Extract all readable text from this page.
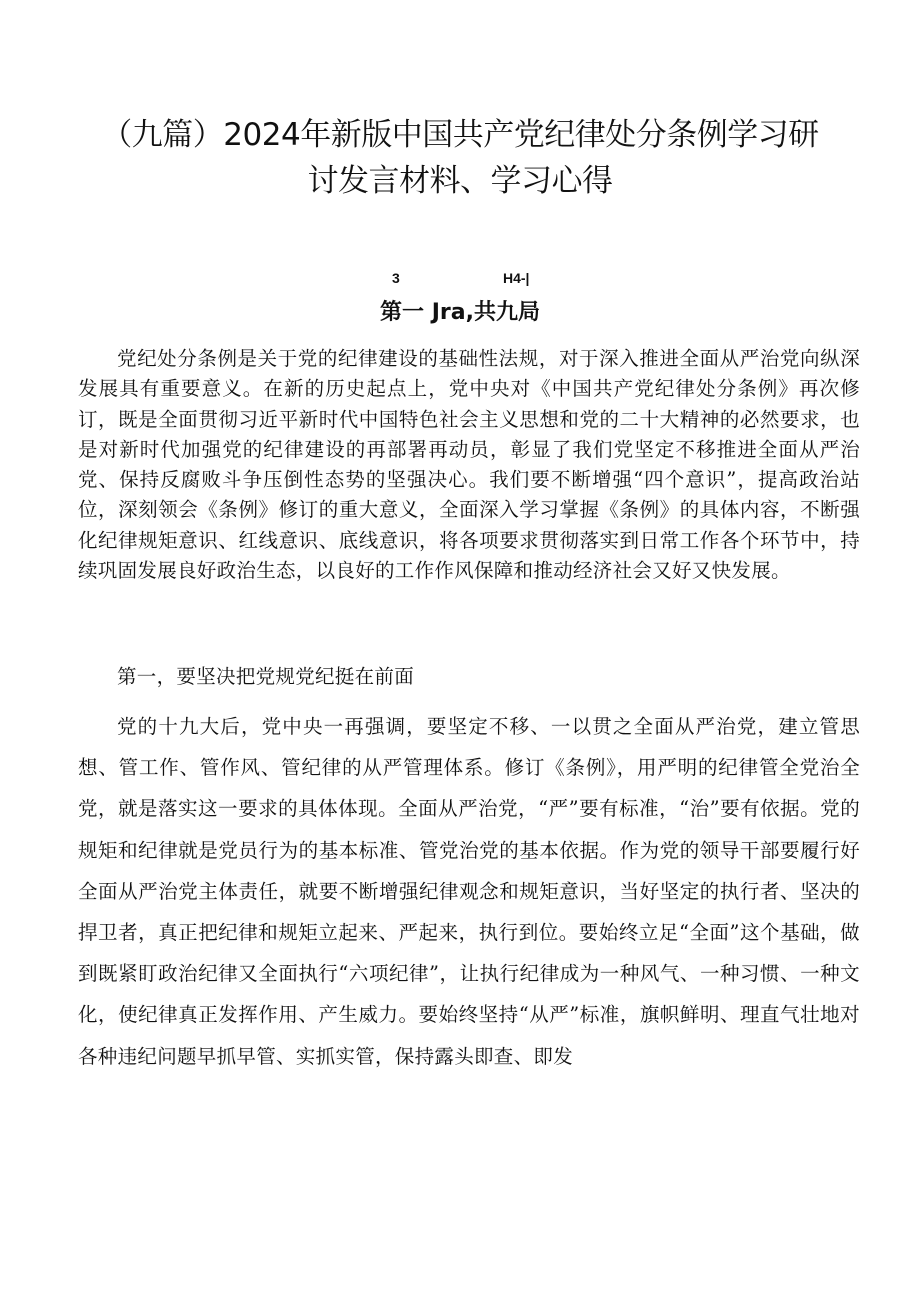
（九篇）2024年新版中国共产党纪律处分条例学习研
讨发言材料、学习心得
3	H4-|
第一 Jra,共九局

党纪处分条例是关于党的纪律建设的基础性法规，对于深入推进全面从严治党向纵深发展具有重要意义。在新的历史起点上，党中央对《中国共产党纪律处分条例》再次修订，既是全面贯彻习近平新时代中国特色社会主义思想和党的二十大精神的必然要求，也是对新时代加强党的纪律建设的再部署再动员，彰显了我们党坚定不移推进全面从严治党、保持反腐败斗争压倒性态势的坚强决心。我们要不断增强“四个意识”，提高政治站位，深刻领会《条例》修订的重大意义，全面深入学习掌握《条例》的具体内容，不断强化纪律规矩意识、红线意识、底线意识，将各项要求贯彻落实到日常工作各个环节中，持续巩固发展良好政治生态，以良好的工作作风保障和推动经济社会又好又快发展。

第一，要坚决把党规党纪挺在前面

党的十九大后，党中央一再强调，要坚定不移、一以贯之全面从严治党，建立管思想、管工作、管作风、管纪律的从严管理体系。修订《条例》，用严明的纪律管全党治全党，就是落实这一要求的具体体现。全面从严治党，“严”要有标准，“治”要有依据。党的规矩和纪律就是党员行为的基本标准、管党治党的基本依据。作为党的领导干部要履行好全面从严治党主体责任，就要不断增强纪律观念和规矩意识，当好坚定的执行者、坚决的捍卫者，真正把纪律和规矩立起来、严起来，执行到位。要始终立足“全面”这个基础，做到既紧盯政治纪律又全面执行“六项纪律”，让执行纪律成为一种风气、一种习惯、一种文化，使纪律真正发挥作用、产生威力。要始终坚持“从严”标准，旗帜鲜明、理直气壮地对各种违纪问题早抓早管、实抓实管，保持露头即查、即发
